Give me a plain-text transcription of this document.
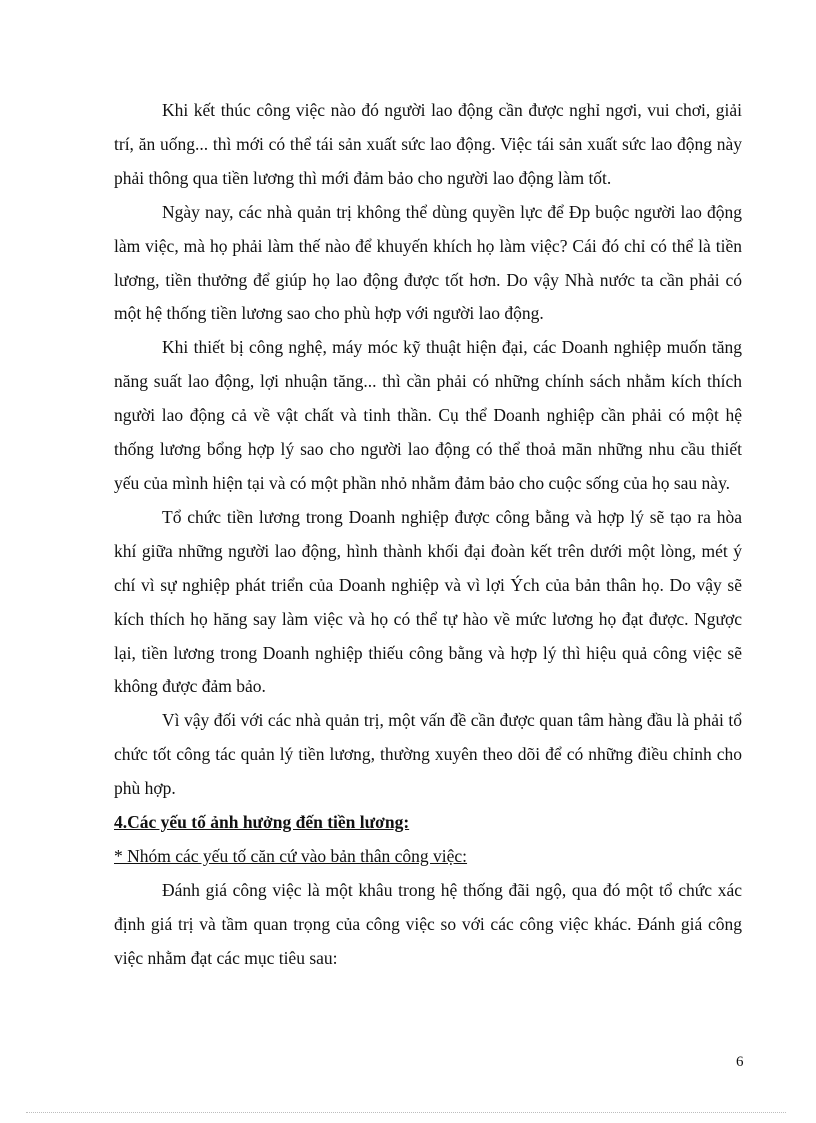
Khi kết thúc công việc nào đó người lao động cần được nghỉ ngơi, vui chơi, giải trí, ăn uống... thì mới có thể tái sản xuất sức lao động. Việc tái sản xuất sức lao động này phải thông qua tiền lương thì mới đảm bảo cho người lao động làm tốt.

Ngày nay, các nhà quản trị không thể dùng quyền lực để Đp buộc người lao động làm việc, mà họ phải làm thế nào để khuyến khích họ làm việc? Cái đó chỉ có thể là tiền lương, tiền thưởng để giúp họ lao động được tốt hơn. Do vậy Nhà nước ta cần phải có một hệ thống tiền lương sao cho phù hợp với người lao động.

Khi thiết bị công nghệ, máy móc kỹ thuật hiện đại, các Doanh nghiệp muốn tăng năng suất lao động, lợi nhuận tăng... thì cần phải có những chính sách nhằm kích thích người lao động cả về vật chất và tinh thần. Cụ thể Doanh nghiệp cần phải có một hệ thống lương bổng hợp lý sao cho người lao động có thể thoả mãn những nhu cầu thiết yếu của mình hiện tại và có một phần nhỏ nhằm đảm bảo cho cuộc sống của họ sau này.

Tổ chức tiền lương trong Doanh nghiệp được công bằng và hợp lý sẽ tạo ra hòa khí giữa những người lao động, hình thành khối đại đoàn kết trên dưới một lòng, mét ý chí vì sự nghiệp phát triển của Doanh nghiệp và vì lợi Ých của bản thân họ. Do vậy sẽ kích thích họ hăng say làm việc và họ có thể tự hào về mức lương họ đạt được. Ngược lại, tiền lương trong Doanh nghiệp thiếu công bằng và hợp lý thì hiệu quả công việc sẽ không được đảm bảo.

Vì vậy đối với các nhà quản trị, một vấn đề cần được quan tâm hàng đầu là phải tổ chức tốt công tác quản lý tiền lương, thường xuyên theo dõi để có những điều chỉnh cho phù hợp.

4.Các yếu tố ảnh hưởng đến tiền lương:

* Nhóm các yếu tố căn cứ vào bản thân công việc:

Đánh giá công việc là một khâu trong hệ thống đãi ngộ, qua đó một tổ chức xác định giá trị và tầm quan trọng của công việc so với các công việc khác. Đánh giá công việc nhằm đạt các mục tiêu sau:

6
